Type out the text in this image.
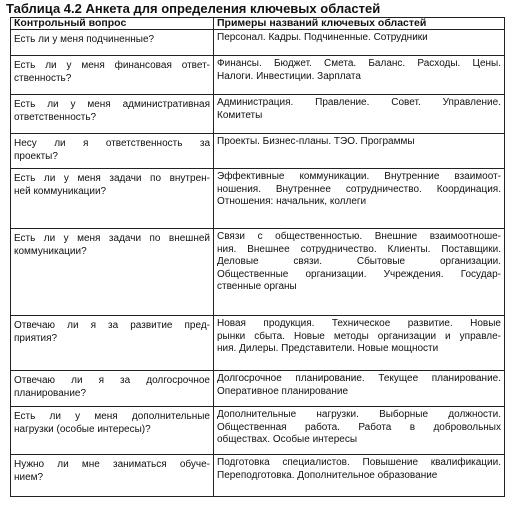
Таблица 4.2 Анкета для определения ключевых областей
Контрольный вопрос	Примеры названий ключевых областей

Есть ли у меня подчиненные?	Персонал. Кадры. Подчиненные. Сотрудники

Есть ли у меня финансовая ответ-
ственность?	Финансы. Бюджет. Смета. Баланс. Расходы. Цены.
Налоги. Инвестиции. Зарплата

Есть ли у меня административная
ответственность?	Администрация. Правление. Совет. Управление.
Комитеты

Несу ли я ответственность за
проекты?	Проекты. Бизнес-планы. ТЭО. Программы

Есть ли у меня задачи по внутрен-
ней коммуникации?	Эффективные коммуникации. Внутренние взаимоот-
ношения. Внутреннее сотрудничество. Координация.
Отношения: начальник, коллеги

Есть ли у меня задачи по внешней
коммуникации?	Связи с общественностью. Внешние взаимоотноше-
ния. Внешнее сотрудничество. Клиенты. Поставщики.
Деловые связи. Сбытовые организации.
Общественные организации. Учреждения. Государ-
ственные органы

Отвечаю ли я за развитие пред-
приятия?	Новая продукция. Техническое развитие. Новые
рынки сбыта. Новые методы организации и управле-
ния. Дилеры. Представители. Новые мощности

Отвечаю ли я за долгосрочное
планирование?	Долгосрочное планирование. Текущее планирование.
Оперативное планирование

Есть ли у меня дополнительные
нагрузки (особые интересы)?	Дополнительные нагрузки. Выборные должности.
Общественная работа. Работа в добровольных
обществах. Особые интересы

Нужно ли мне заниматься обуче-
нием?	Подготовка специалистов. Повышение квалификации.
Переподготовка. Дополнительное образование
